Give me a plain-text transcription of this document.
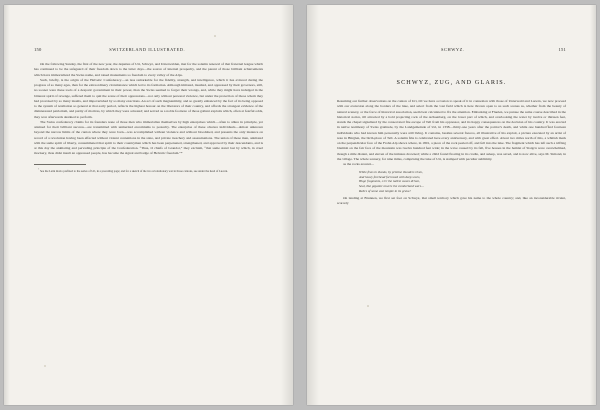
150	SWITZERLAND ILLUSTRATED.

On the following Sunday, the first of the new year, the deputies of Uri, Schwyz, and Unterwalden, met for the solemn renewal of that fraternal league which has continued to be the safeguard of their freedom down to the latter days—the source of internal prosperity, and the parent of those brilliant achievements which have immortalized the Swiss name, and raised monuments so freedom to every valley of the Alps.

Such, briefly, is the origin of the Helvetic Confederacy—an less remarkable for the fidelity, strength, and intelligence, which it has evinced during the progress of so many ages, than for the extraordinary circumstance which led to its formation. Although imitated, insulted, and oppressed by their governors, still, no sooner were these tools of a despotic government in their power, than the Swiss seemed to forget their wrongs, and, while they might have indulged in the bitterest spirit of revenge, suffered them to quit the scene of their oppressions—not only without personal violence, but under the protection of those whom they had provoked by so many insults, and impoverished by so many exactions. An act of such magnanimity, and so greatly enhanced by the fact of its being opposed to the system of retaliation so general at that early period, reflects the highest honour on the liberators of their country, and affords the strongest evidence of the disinterested patriotism, and purity of motives, by which they were actuated; and served as a noble footnote of those gallant exploits which, often at fearful odds, they won afterwards destined to perform.

The Swiss confederacy claims for its founders none of those men who immortalize themselves by high enterprises which—often to allure in principle, yet attained for their brilliant success—are transmitted with unmerited encomiums to posterity. The enterprise of these obscure individuals—almost unknown beyond the narrow limits of the canton where they were born—was accomplished without violence and without bloodshed, and presents the only instance on record of a revolution having been effected without violent contentions in the state, and private treachery and assassinations. The union of these men, animated with the same spirit of liberty, consummated that spirit to their countrymen which has been perpetuated, strengthened, and approved by their descendants, and is at this day the animating and pervading principle of the Confederation. “Thus, O chiefs of Grandor,” they exclaim, “that same stand lost by which, in cruel mockery, thou didst insult an oppressed people, has become the signal and badge of Helvetic freedom.”*

* See the Latin motto prefixed to the series of Uri, in a preceding page; and for a sketch of the two revolutionary war in those cantons, see under the head of Lucern.
SCHWYZ.	151
SCHWYZ, ZUG, AND GLARIS.

Resuming our further observations on the canton of Uri, till we have occasion to speak of it in connexion with those of Unterwald and Lucern, we now proceed with our excursion along the borders of the lake, and select from the vast field which is here thrown open to us such scenes as, whether from the beauty of natural scenery, or the force of historical association, seem best calculated to fix the attention. Embarking at Fluelen, we pursue the same course described in the historical notice, till attracted by a bold projecting rock of the Achsenberg, on the lower part of which, and overlooking the water by twelve or thirteen feet, stands the chapel signalized by the consecrated fire escape of Tell from his oppressor, and its happy consequences on the decision of his country. It was erected in native testimony of Swiss gratitude, by the Landgemeinde of Uri, in 1338—thirty-one years after the patriot’s death, and while one hundred and fourteen individuals who had known him personally were still living. It contains, besides several frescos, all illustrative of his exploit, a picture executed by an artist of note in Bürglen, the birth-place of Tell. A solemn fête is celebrated here every anniversary, and with great effect. About two miles north of this, a whitish mark on the perpendicular face of the Frohn Alp shows where, in 1801, a piece of the rock peeled off, and fell into the lake. The fragment which has left such a trifling blemish on the fair face of the mountain was twelve hundred feet wide; in the wave caused by its fall, five houses in the hamlet of Sisigcn were overwhelmed, though a mile distant, and eleven of the inmates drowned; while a child found floating in its cradle, and asleep, was saved, and is now alive, says M. Simond, in the village. The whole scenery, for nine miles, comprising the lake of Uri, is stamped with peculiar sublimity.

as the rocks around—

While fixes in thanks, by pristine thunders riven,
And heavy forehead furrowed with deep scars,
Huge fragments, o’er the tallest waves driven,
Seal, like gigantic towers the cumberland wars—
Relics of some vast temple in its grave!

On landing at Brunnen, we first set foot on Schwyz, that small territory which gave his name to the whole country; and, like an inconsiderable rivulet, scarcely
